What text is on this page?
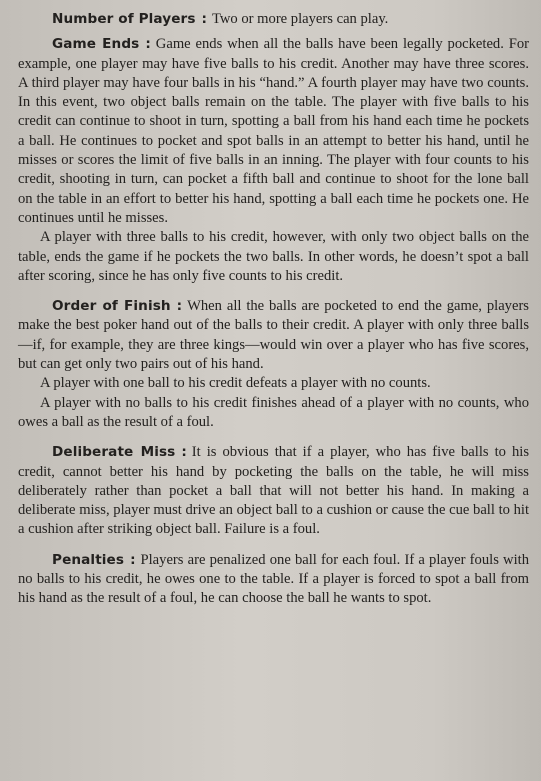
Number of Players : Two or more players can play.

Game Ends : Game ends when all the balls have been legally pocketed. For example, one player may have five balls to his credit. Another may have three scores. A third player may have four balls in his “hand.” A fourth player may have two counts. In this event, two object balls remain on the table. The player with five balls to his credit can continue to shoot in turn, spotting a ball from his hand each time he pockets a ball. He continues to pocket and spot balls in an attempt to better his hand, until he misses or scores the limit of five balls in an inning. The player with four counts to his credit, shooting in turn, can pocket a fifth ball and continue to shoot for the lone ball on the table in an effort to better his hand, spotting a ball each time he pockets one. He continues until he misses.

A player with three balls to his credit, however, with only two object balls on the table, ends the game if he pockets the two balls. In other words, he doesn’t spot a ball after scoring, since he has only five counts to his credit.

Order of Finish : When all the balls are pocketed to end the game, players make the best poker hand out of the balls to their credit. A player with only three balls—if, for example, they are three kings—would win over a player who has five scores, but can get only two pairs out of his hand.

A player with one ball to his credit defeats a player with no counts.

A player with no balls to his credit finishes ahead of a player with no counts, who owes a ball as the result of a foul.

Deliberate Miss : It is obvious that if a player, who has five balls to his credit, cannot better his hand by pocketing the balls on the table, he will miss deliberately rather than pocket a ball that will not better his hand. In making a deliberate miss, player must drive an object ball to a cushion or cause the cue ball to hit a cushion after striking object ball. Failure is a foul.

Penalties : Players are penalized one ball for each foul. If a player fouls with no balls to his credit, he owes one to the table. If a player is forced to spot a ball from his hand as the result of a foul, he can choose the ball he wants to spot.
